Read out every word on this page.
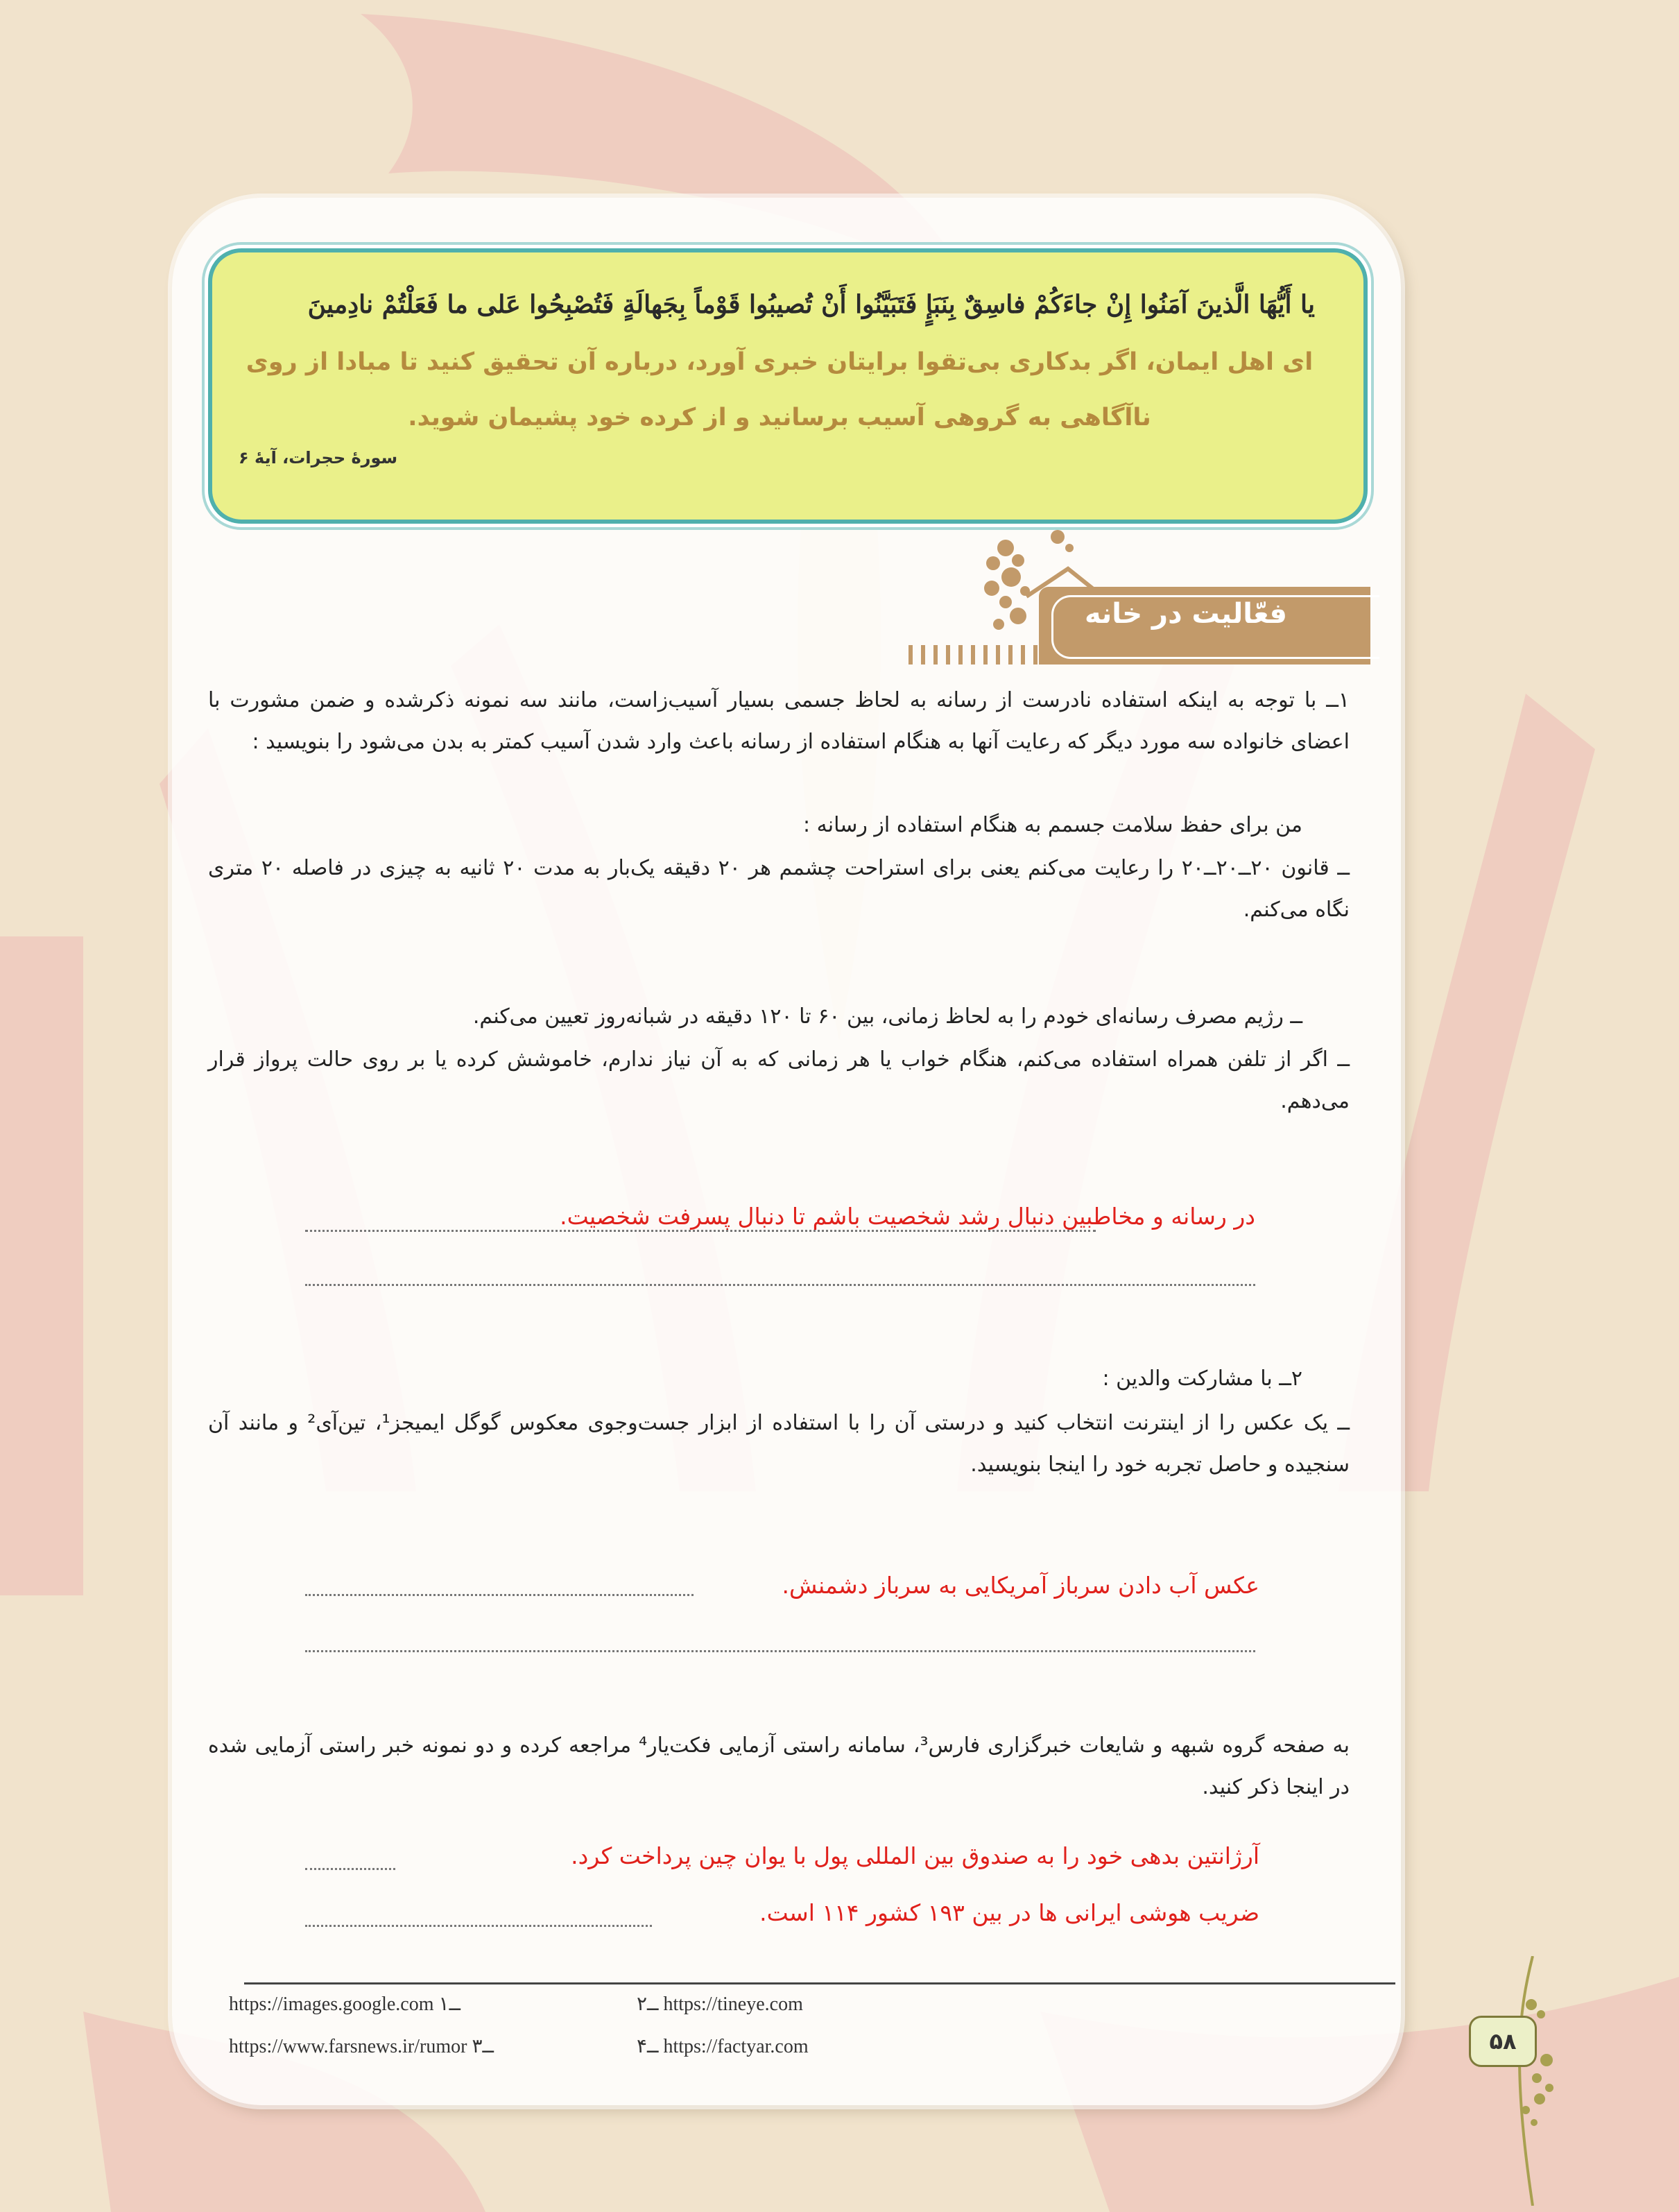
يا أَيُّهَا الَّذينَ آمَنُوا إِنْ جاءَكُمْ فاسِقٌ بِنَبَإٍ فَتَبَيَّنُوا أَنْ تُصيبُوا قَوْماً بِجَهالَةٍ فَتُصْبِحُوا عَلى ما فَعَلْتُمْ نادِمينَ
ای اهل ایمان، اگر بدکاری بی‌تقوا برایتان خبری آورد، درباره آن تحقیق کنید تا مبادا از روی ناآگاهی به گروهی آسیب برسانید و از کرده خود پشیمان شوید.
سورۀ حجرات، آیۀ ۶
فعّالیت در خانه
۱ــ با توجه به اینکه استفاده نادرست از رسانه به لحاظ جسمی بسیار آسیب‌زاست، مانند سه نمونه ذکرشده و ضمن مشورت با اعضای خانواده سه مورد دیگر که رعایت آنها به هنگام استفاده از رسانه باعث وارد شدن آسیب کمتر به بدن می‌شود را بنویسید :
من برای حفظ سلامت جسمم به هنگام استفاده از رسانه :
ــ قانون ۲۰ــ۲۰ــ۲۰ را رعایت می‌کنم یعنی برای استراحت چشمم هر ۲۰ دقیقه یک‌بار به مدت ۲۰ ثانیه به چیزی در فاصله ۲۰ متری نگاه می‌کنم.
ــ رژیم مصرف رسانه‌ای خودم را به لحاظ زمانی، بین ۶۰ تا ۱۲۰ دقیقه در شبانه‌روز تعیین می‌کنم.
ــ اگر از تلفن همراه استفاده می‌کنم، هنگام خواب یا هر زمانی که به آن نیاز ندارم، خاموشش کرده یا بر روی حالت پرواز قرار می‌دهم.
در رسانه و مخاطبین دنبال رشد شخصیت باشم تا دنبال پسرفت شخصیت.
۲ــ با مشارکت والدین :
ــ یک عکس را از اینترنت انتخاب کنید و درستی آن را با استفاده از ابزار جست‌وجوی معکوس گوگل ایمیجز¹، تین‌آی² و مانند آن سنجیده و حاصل تجربه خود را اینجا بنویسید.
عکس آب دادن سرباز آمریکایی به سرباز دشمنش.
به صفحه گروه شبهه و شایعات خبرگزاری فارس³، سامانه راستی آزمایی فکت‌یار⁴ مراجعه کرده و دو نمونه خبر راستی آزمایی شده در اینجا ذکر کنید.
آرژانتین بدهی خود را به صندوق بین المللی پول با یوان چین پرداخت کرد.
ضریب هوشی ایرانی ها در بین ۱۹۳ کشور ۱۱۴ است.
https://images.google.com ــ۱	ــ۲ https://tineye.com
https://www.farsnews.ir/rumor ــ۳	ــ۴ https://factyar.com	۵۸
